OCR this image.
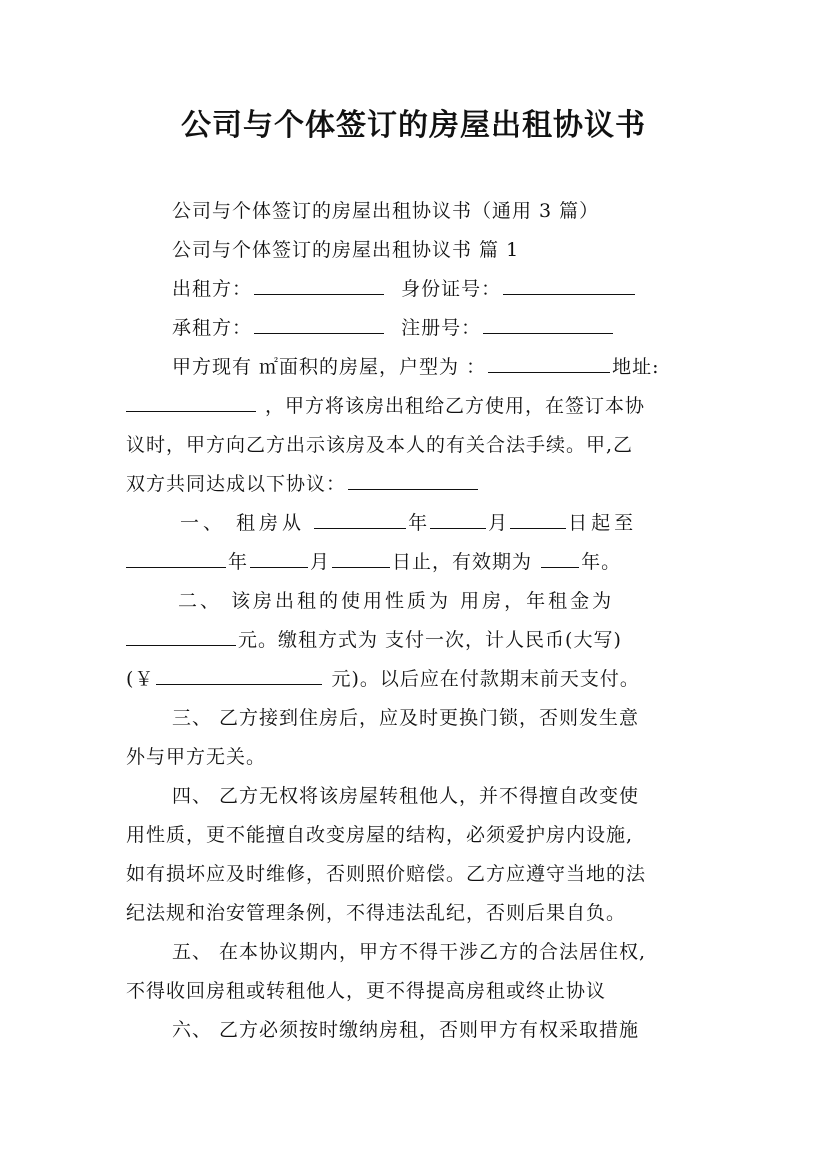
公司与个体签订的房屋出租协议书
公司与个体签订的房屋出租协议书（通用 3 篇）
公司与个体签订的房屋出租协议书 篇 1
出租方：	身份证号：
承租方：	注册号：
甲方现有 ㎡面积的房屋，户型为 ：	地址:
，甲方将该房出租给乙方使用，在签订本协
议时，甲方向乙方出示该房及本人的有关合法手续。甲,乙
双方共同达成以下协议：
一、 租房从	年	月	日起至
年	月	日止，有效期为	年。
二、 该房出租的使用性质为 用房，年租金为
元。缴租方式为 支付一次，计人民币(大写)
(￥	元)。以后应在付款期末前天支付。
三、 乙方接到住房后，应及时更换门锁，否则发生意
外与甲方无关。
四、 乙方无权将该房屋转租他人，并不得擅自改变使
用性质，更不能擅自改变房屋的结构，必须爱护房内设施,
如有损坏应及时维修，否则照价赔偿。乙方应遵守当地的法
纪法规和治安管理条例，不得违法乱纪，否则后果自负。
五、 在本协议期内，甲方不得干涉乙方的合法居住权,
不得收回房租或转租他人，更不得提高房租或终止协议
六、 乙方必须按时缴纳房租，否则甲方有权采取措施
